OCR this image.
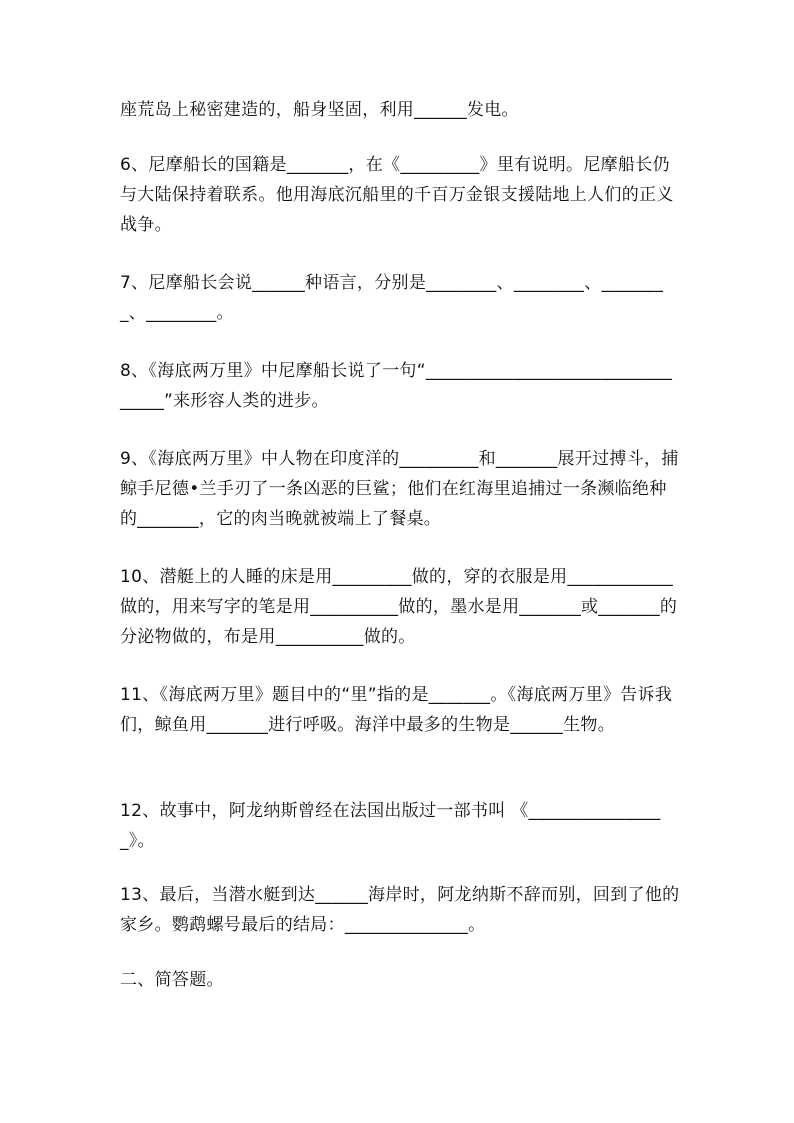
座荒岛上秘密建造的，船身坚固，利用______发电。

6、尼摩船长的国籍是_______，在《_________》里有说明。尼摩船长仍与大陆保持着联系。他用海底沉船里的千百万金银支援陆地上人们的正义战争。

7、尼摩船长会说______种语言，分别是________、________、________、________。

8、《海底两万里》中尼摩船长说了一句“____________________________ _____”来形容人类的进步。

9、《海底两万里》中人物在印度洋的_________和_______展开过搏斗，捕鲸手尼德•兰手刃了一条凶恶的巨鲨；他们在红海里追捕过一条濒临绝种的_______，它的肉当晚就被端上了餐桌。

10、潜艇上的人睡的床是用_________做的，穿的衣服是用____________做的，用来写字的笔是用__________做的，墨水是用_______或_______的分泌物做的，布是用__________做的。

11、《海底两万里》题目中的“里”指的是_______。《海底两万里》告诉我们，鲸鱼用_______进行呼吸。海洋中最多的生物是______生物。

12、故事中，阿龙纳斯曾经在法国出版过一部书叫 《________________》。

13、最后，当潜水艇到达______海岸时，阿龙纳斯不辞而别，回到了他的家乡。鹦鹉螺号最后的结局：______________。

二、简答题。
